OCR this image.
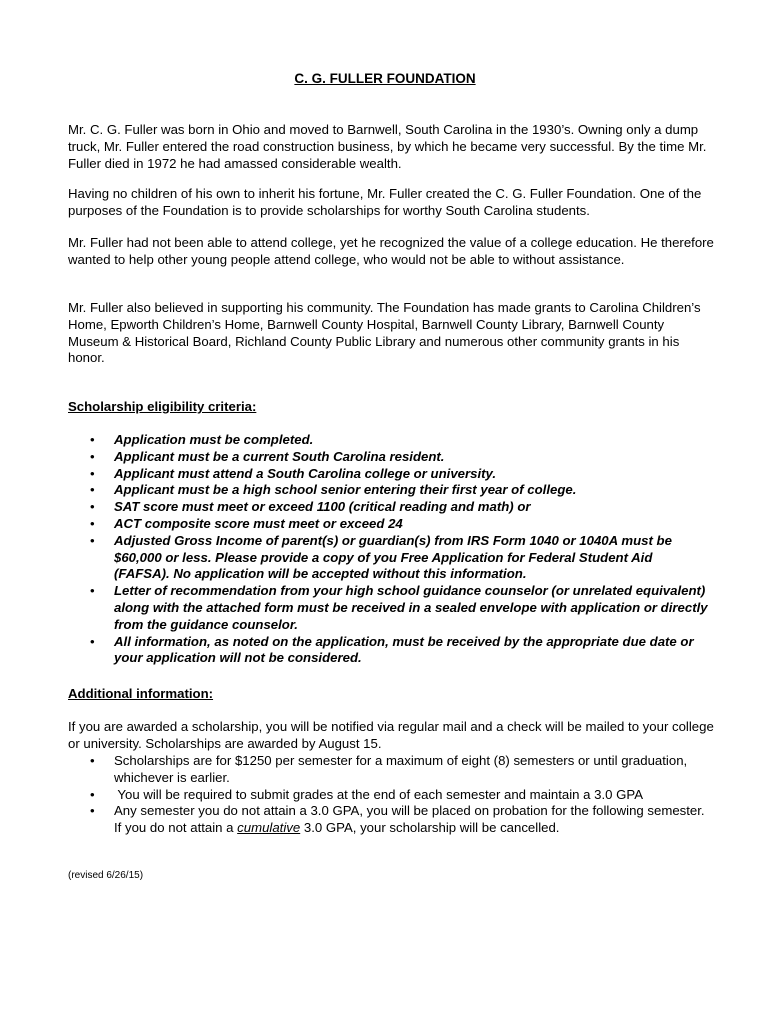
C. G. FULLER FOUNDATION

Mr. C. G. Fuller was born in Ohio and moved to Barnwell, South Carolina in the 1930’s. Owning only a dump truck, Mr. Fuller entered the road construction business, by which he became very successful. By the time Mr. Fuller died in 1972 he had amassed considerable wealth.

Having no children of his own to inherit his fortune, Mr. Fuller created the C. G. Fuller Foundation. One of the purposes of the Foundation is to provide scholarships for worthy South Carolina students.

Mr. Fuller had not been able to attend college, yet he recognized the value of a college education. He therefore wanted to help other young people attend college, who would not be able to without assistance.

Mr. Fuller also believed in supporting his community. The Foundation has made grants to Carolina Children’s Home, Epworth Children’s Home, Barnwell County Hospital, Barnwell County Library, Barnwell County Museum & Historical Board, Richland County Public Library and numerous other community grants in his honor.

Scholarship eligibility criteria:

• Application must be completed.
• Applicant must be a current South Carolina resident.
• Applicant must attend a South Carolina college or university.
• Applicant must be a high school senior entering their first year of college.
• SAT score must meet or exceed 1100 (critical reading and math) or
• ACT composite score must meet or exceed 24
• Adjusted Gross Income of parent(s) or guardian(s) from IRS Form 1040 or 1040A must be $60,000 or less. Please provide a copy of you Free Application for Federal Student Aid (FAFSA). No application will be accepted without this information.
• Letter of recommendation from your high school guidance counselor (or unrelated equivalent) along with the attached form must be received in a sealed envelope with application or directly from the guidance counselor.
• All information, as noted on the application, must be received by the appropriate due date or your application will not be considered.

Additional information:

If you are awarded a scholarship, you will be notified via regular mail and a check will be mailed to your college or university. Scholarships are awarded by August 15.

• Scholarships are for $1250 per semester for a maximum of eight (8) semesters or until graduation, whichever is earlier.
• You will be required to submit grades at the end of each semester and maintain a 3.0 GPA
• Any semester you do not attain a 3.0 GPA, you will be placed on probation for the following semester. If you do not attain a cumulative 3.0 GPA, your scholarship will be cancelled.
(revised 6/26/15)
